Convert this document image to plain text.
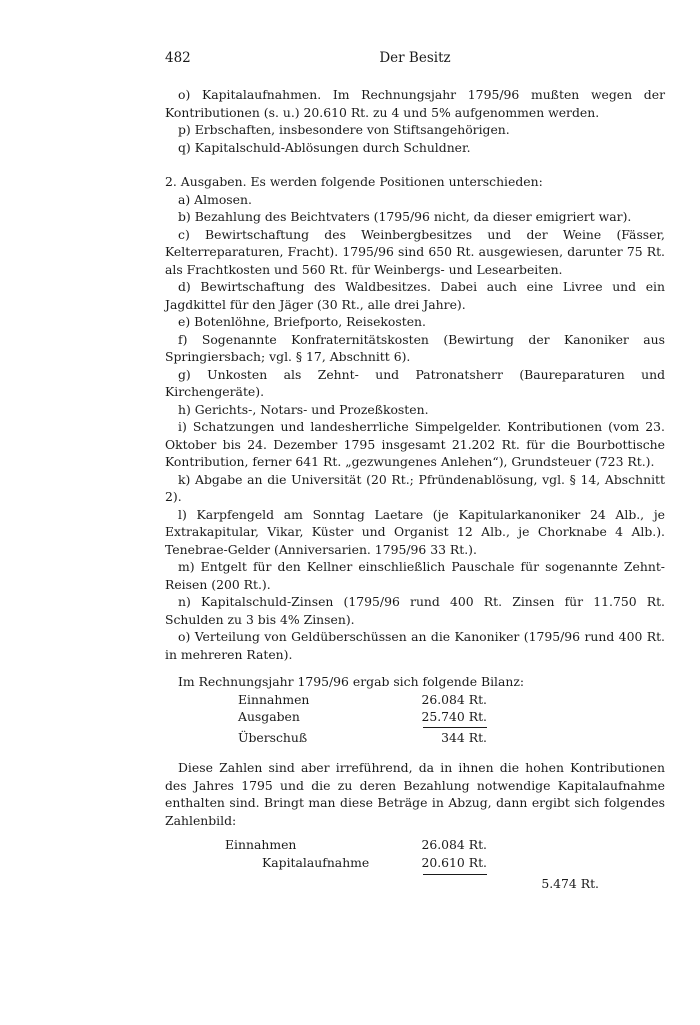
482	Der Besitz

o) Kapitalaufnahmen. Im Rechnungsjahr 1795/96 mußten wegen der Kontributionen (s. u.) 20.610 Rt. zu 4 und 5% aufgenommen werden.

p) Erbschaften, insbesondere von Stiftsangehörigen.

q) Kapitalschuld-Ablösungen durch Schuldner.

2. Ausgaben. Es werden folgende Positionen unterschieden:

a) Almosen.

b) Bezahlung des Beichtvaters (1795/96 nicht, da dieser emigriert war).

c) Bewirtschaftung des Weinbergbesitzes und der Weine (Fässer, Kelterreparaturen, Fracht). 1795/96 sind 650 Rt. ausgewiesen, darunter 75 Rt. als Frachtkosten und 560 Rt. für Weinbergs- und Lesearbeiten.

d) Bewirtschaftung des Waldbesitzes. Dabei auch eine Livree und ein Jagdkittel für den Jäger (30 Rt., alle drei Jahre).

e) Botenlöhne, Briefporto, Reisekosten.

f) Sogenannte Konfraternitätskosten (Bewirtung der Kanoniker aus Springiersbach; vgl. § 17, Abschnitt 6).

g) Unkosten als Zehnt- und Patronatsherr (Baureparaturen und Kirchengeräte).

h) Gerichts-, Notars- und Prozeßkosten.

i) Schatzungen und landesherrliche Simpelgelder. Kontributionen (vom 23. Oktober bis 24. Dezember 1795 insgesamt 21.202 Rt. für die Bourbottische Kontribution, ferner 641 Rt. „gezwungenes Anlehen“), Grundsteuer (723 Rt.).

k) Abgabe an die Universität (20 Rt.; Pfründenablösung, vgl. § 14, Abschnitt 2).

l) Karpfengeld am Sonntag Laetare (je Kapitularkanoniker 24 Alb., je Extrakapitular, Vikar, Küster und Organist 12 Alb., je Chorknabe 4 Alb.). Tenebrae-Gelder (Anniversarien. 1795/96 33 Rt.).

m) Entgelt für den Kellner einschließlich Pauschale für sogenannte Zehnt-Reisen (200 Rt.).

n) Kapitalschuld-Zinsen (1795/96 rund 400 Rt. Zinsen für 11.750 Rt. Schulden zu 3 bis 4% Zinsen).

o) Verteilung von Geldüberschüssen an die Kanoniker (1795/96 rund 400 Rt. in mehreren Raten).

Im Rechnungsjahr 1795/96 ergab sich folgende Bilanz:

Einnahmen	26.084 Rt.
Ausgaben	25.740 Rt.
Überschuß	344 Rt.

Diese Zahlen sind aber irreführend, da in ihnen die hohen Kontributionen des Jahres 1795 und die zu deren Bezahlung notwendige Kapitalaufnahme enthalten sind. Bringt man diese Beträge in Abzug, dann ergibt sich folgendes Zahlenbild:

Einnahmen	26.084 Rt.
Kapitalaufnahme	20.610 Rt.
5.474 Rt.
